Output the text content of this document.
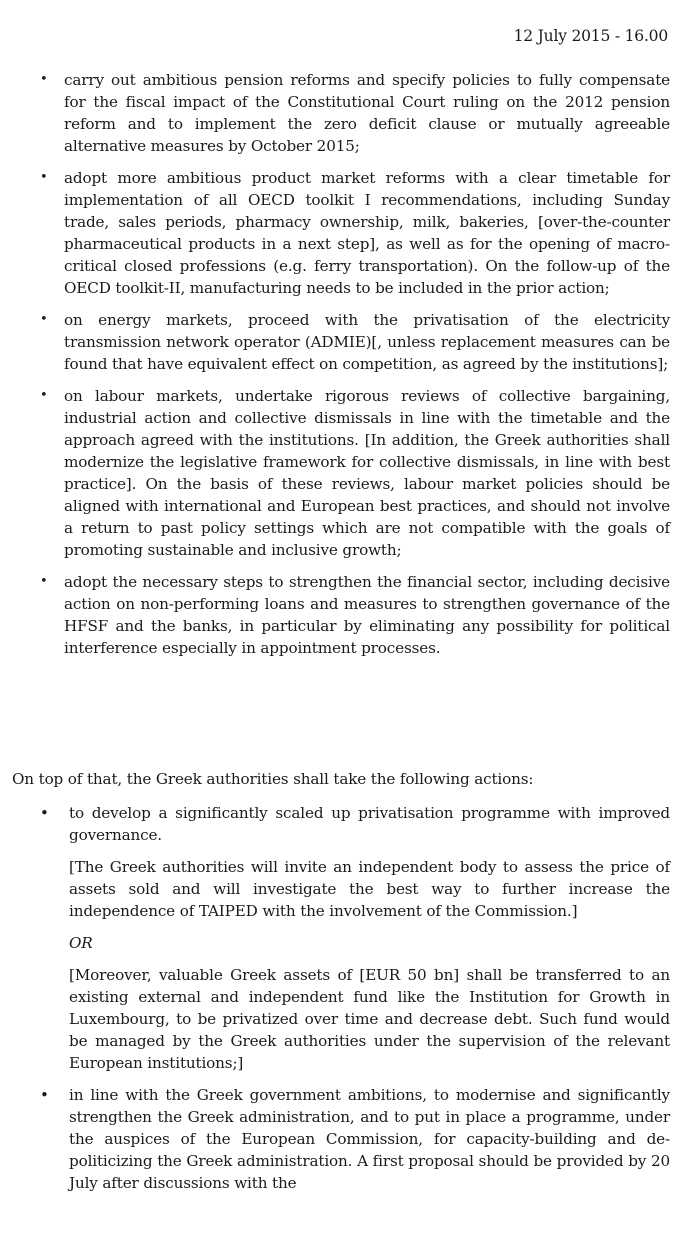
12 July 2015 - 16.00
•	carry out ambitious pension reforms and specify policies to fully compensate for the fiscal impact of the Constitutional Court ruling on the 2012 pension reform and to implement the zero deficit clause or mutually agreeable alternative measures by October 2015;
•	adopt more ambitious product market reforms with a clear timetable for implementation of all OECD toolkit I recommendations, including Sunday trade, sales periods, pharmacy ownership, milk, bakeries, [over-the-counter pharmaceutical products in a next step], as well as for the opening of macro-critical closed professions (e.g. ferry transportation). On the follow-up of the OECD toolkit-II, manufacturing needs to be included in the prior action;
•	on energy markets, proceed with the privatisation of the electricity transmission network operator (ADMIE)[, unless replacement measures can be found that have equivalent effect on competition, as agreed by the institutions];
•	on labour markets, undertake rigorous reviews of collective bargaining, industrial action and collective dismissals in line with the timetable and the approach agreed with the institutions. [In addition, the Greek authorities shall modernize the legislative framework for collective dismissals, in line with best practice]. On the basis of these reviews, labour market policies should be aligned with international and European best practices, and should not involve a return to past policy settings which are not compatible with the goals of promoting sustainable and inclusive growth;
•	adopt the necessary steps to strengthen the financial sector, including decisive action on non-performing loans and measures to strengthen governance of the HFSF and the banks, in particular by eliminating any possibility for political interference especially in appointment processes.
On top of that, the Greek authorities shall take the following actions:
• to develop a significantly scaled up privatisation programme with improved governance.

[The Greek authorities will invite an independent body to assess the price of assets sold and will investigate the best way to further increase the independence of TAIPED with the involvement of the Commission.]

OR

[Moreover, valuable Greek assets of [EUR 50 bn] shall be transferred to an existing external and independent fund like the Institution for Growth in Luxembourg, to be privatized over time and decrease debt. Such fund would be managed by the Greek authorities under the supervision of the relevant European institutions;]

• in line with the Greek government ambitions, to modernise and significantly strengthen the Greek administration, and to put in place a programme, under the auspices of the European Commission, for capacity-building and de-politicizing the Greek administration. A first proposal should be provided by 20 July after discussions with the
